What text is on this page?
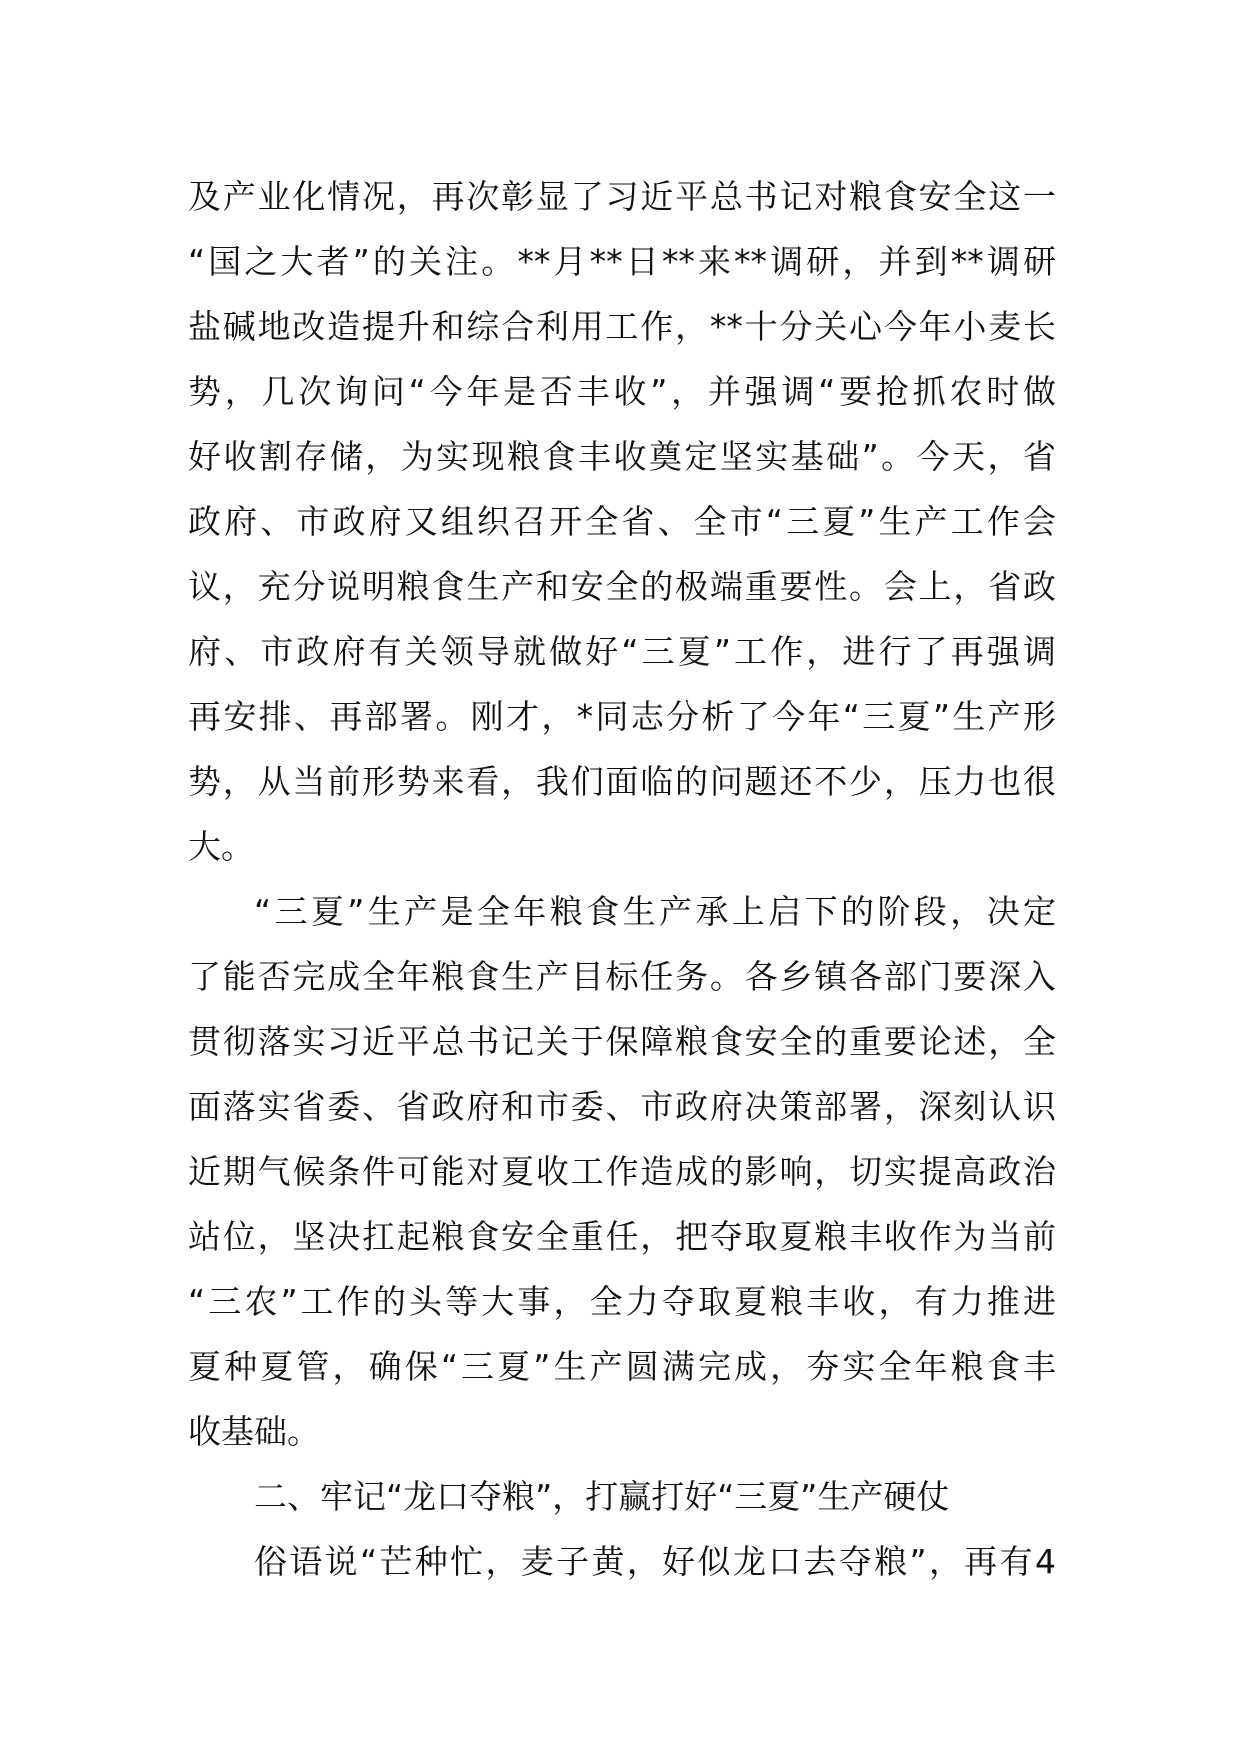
及产业化情况，再次彰显了习近平总书记对粮食安全这一
“国之大者”的关注。**月**日**来**调研，并到**调研
盐碱地改造提升和综合利用工作，**十分关心今年小麦长
势，几次询问“今年是否丰收”，并强调“要抢抓农时做
好收割存储，为实现粮食丰收奠定坚实基础”。今天，省
政府、市政府又组织召开全省、全市“三夏”生产工作会
议，充分说明粮食生产和安全的极端重要性。会上，省政
府、市政府有关领导就做好“三夏”工作，进行了再强调
再安排、再部署。刚才，*同志分析了今年“三夏”生产形
势，从当前形势来看，我们面临的问题还不少，压力也很
大。
“三夏”生产是全年粮食生产承上启下的阶段，决定
了能否完成全年粮食生产目标任务。各乡镇各部门要深入
贯彻落实习近平总书记关于保障粮食安全的重要论述，全
面落实省委、省政府和市委、市政府决策部署，深刻认识
近期气候条件可能对夏收工作造成的影响，切实提高政治
站位，坚决扛起粮食安全重任，把夺取夏粮丰收作为当前
“三农”工作的头等大事，全力夺取夏粮丰收，有力推进
夏种夏管，确保“三夏”生产圆满完成，夯实全年粮食丰
收基础。
二、牢记“龙口夺粮”，打赢打好“三夏”生产硬仗
俗语说“芒种忙，麦子黄，好似龙口去夺粮”，再有4
